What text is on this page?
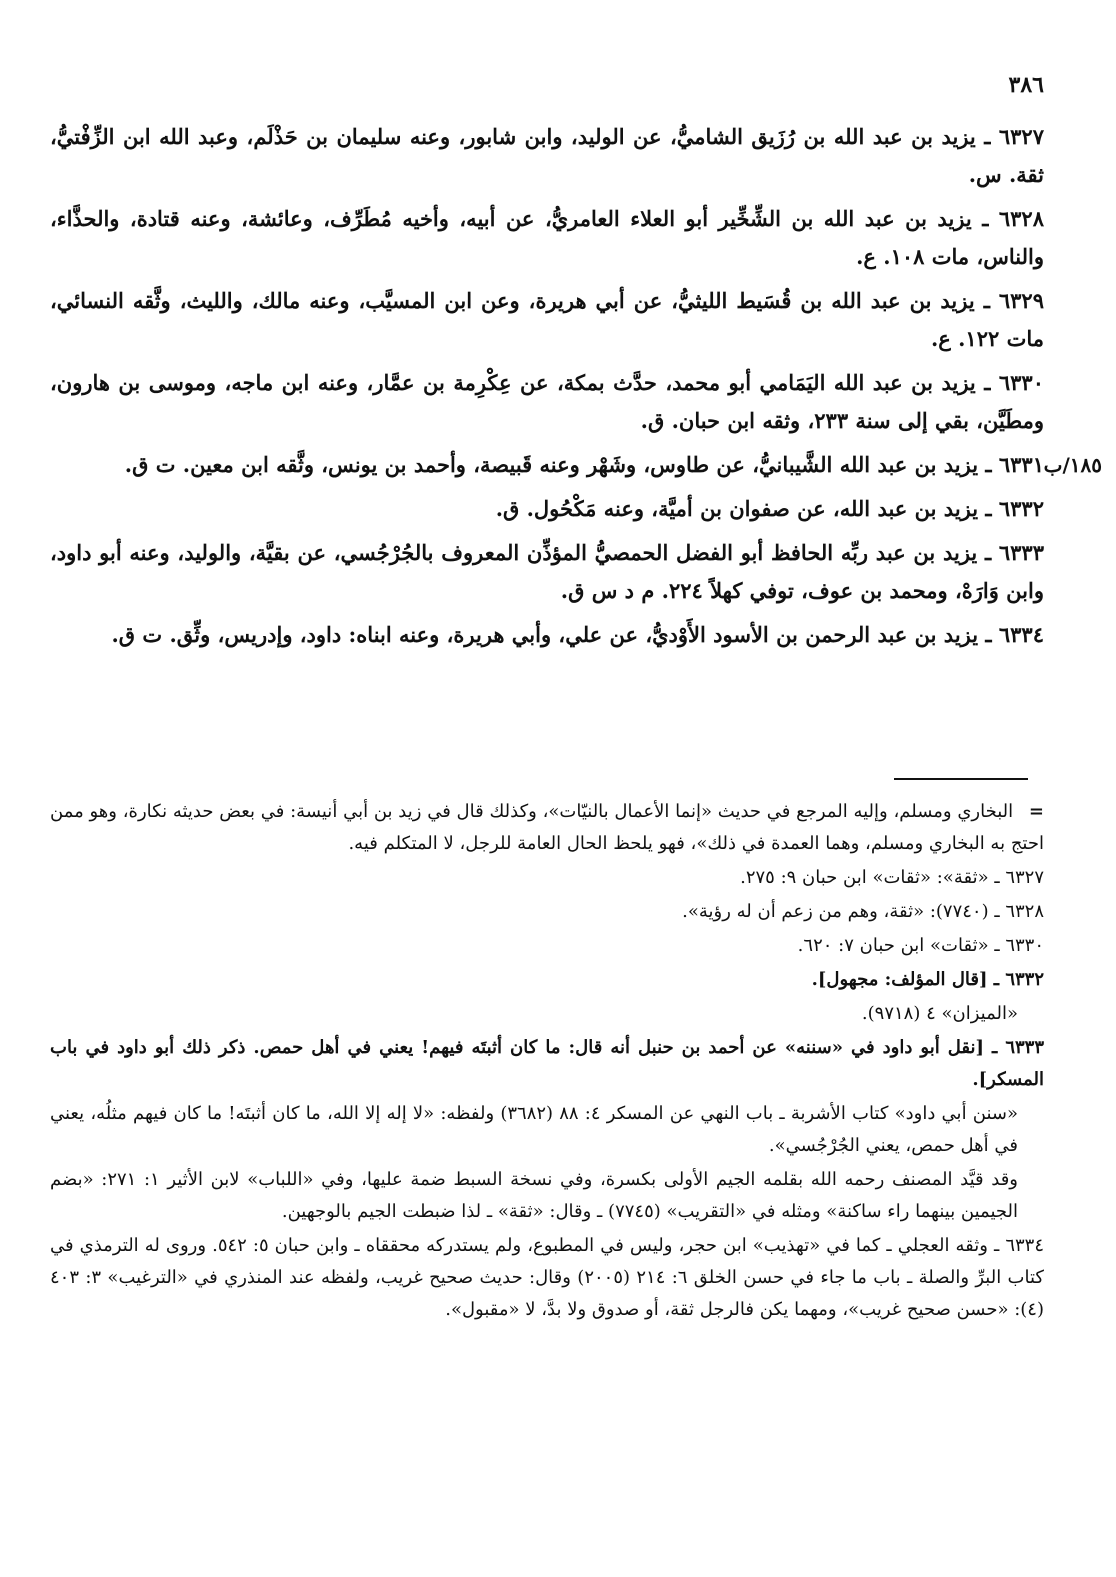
٣٨٦
٦٣٢٧ ـ يزيد بن عبد الله بن رُزَيق الشاميُّ، عن الوليد، وابن شابور، وعنه سليمان بن حَذْلَم، وعبد الله ابن الزِّفْتيُّ، ثقة. س.
٦٣٢٨ ـ يزيد بن عبد الله بن الشِّخِّير أبو العلاء العامريُّ، عن أبيه، وأخيه مُطَرِّف، وعائشة، وعنه قتادة، والحذَّاء، والناس، مات ١٠٨. ع.
٦٣٢٩ ـ يزيد بن عبد الله بن قُسَيط الليثيُّ، عن أبي هريرة، وعن ابن المسيَّب، وعنه مالك، والليث، وثَّقه النسائي، مات ١٢٢. ع.
٦٣٣٠ ـ يزيد بن عبد الله اليَمَامي أبو محمد، حدَّث بمكة، عن عِكْرِمة بن عمَّار، وعنه ابن ماجه، وموسى بن هارون، ومطَيَّن، بقي إلى سنة ٢٣٣، وثقه ابن حبان. ق.
١٨٥/ب
٦٣٣١ ـ يزيد بن عبد الله الشَّيبانيُّ، عن طاوس، وشَهْر وعنه قَبيصة، وأحمد بن يونس، وثَّقه ابن معين. ت ق.
٦٣٣٢ ـ يزيد بن عبد الله، عن صفوان بن أميَّة، وعنه مَكْحُول. ق.
٦٣٣٣ ـ يزيد بن عبد ربِّه الحافظ أبو الفضل الحمصيُّ المؤذِّن المعروف بالجُرْجُسي، عن بقيَّة، والوليد، وعنه أبو داود، وابن وَارَهْ، ومحمد بن عوف، توفي كهلاً ٢٢٤. م د س ق.
٦٣٣٤ ـ يزيد بن عبد الرحمن بن الأسود الأَوْديُّ، عن علي، وأبي هريرة، وعنه ابناه: داود، وإدريس، وثِّق. ت ق.
= البخاري ومسلم، وإليه المرجع في حديث «إنما الأعمال بالنيّات»، وكذلك قال في زيد بن أبي أنيسة: في بعض حديثه نكارة، وهو ممن احتج به البخاري ومسلم، وهما العمدة في ذلك»، فهو يلحظ الحال العامة للرجل، لا المتكلم فيه.
٦٣٢٧ ـ «ثقة»: «ثقات» ابن حبان ٩: ٢٧٥.
٦٣٢٨ ـ (٧٧٤٠): «ثقة، وهم من زعم أن له رؤية».
٦٣٣٠ ـ «ثقات» ابن حبان ٧: ٦٢٠.
٦٣٣٢ ـ [قال المؤلف: مجهول].
«الميزان» ٤ (٩٧١٨).
٦٣٣٣ ـ [نقل أبو داود في «سننه» عن أحمد بن حنبل أنه قال: ما كان أثبتَه فيهم! يعني في أهل حمص. ذكر ذلك أبو داود في باب المسكر].
«سنن أبي داود» كتاب الأشربة ـ باب النهي عن المسكر ٤: ٨٨ (٣٦٨٢) ولفظه: «لا إله إلا الله، ما كان أثبتَه! ما كان فيهم مثلُه، يعني في أهل حمص، يعني الجُرْجُسي».
وقد قيَّد المصنف رحمه الله بقلمه الجيم الأولى بكسرة، وفي نسخة السبط ضمة عليها، وفي «اللباب» لابن الأثير ١: ٢٧١: «بضم الجيمين بينهما راء ساكنة» ومثله في «التقريب» (٧٧٤٥) ـ وقال: «ثقة» ـ لذا ضبطت الجيم بالوجهين.
٦٣٣٤ ـ وثقه العجلي ـ كما في «تهذيب» ابن حجر، وليس في المطبوع، ولم يستدركه محققاه ـ وابن حبان ٥: ٥٤٢. وروى له الترمذي في كتاب البرِّ والصلة ـ باب ما جاء في حسن الخلق ٦: ٢١٤ (٢٠٠٥) وقال: حديث صحيح غريب، ولفظه عند المنذري في «الترغيب» ٣: ٤٠٣ (٤): «حسن صحيح غريب»، ومهما يكن فالرجل ثقة، أو صدوق ولا بدَّ، لا «مقبول».
